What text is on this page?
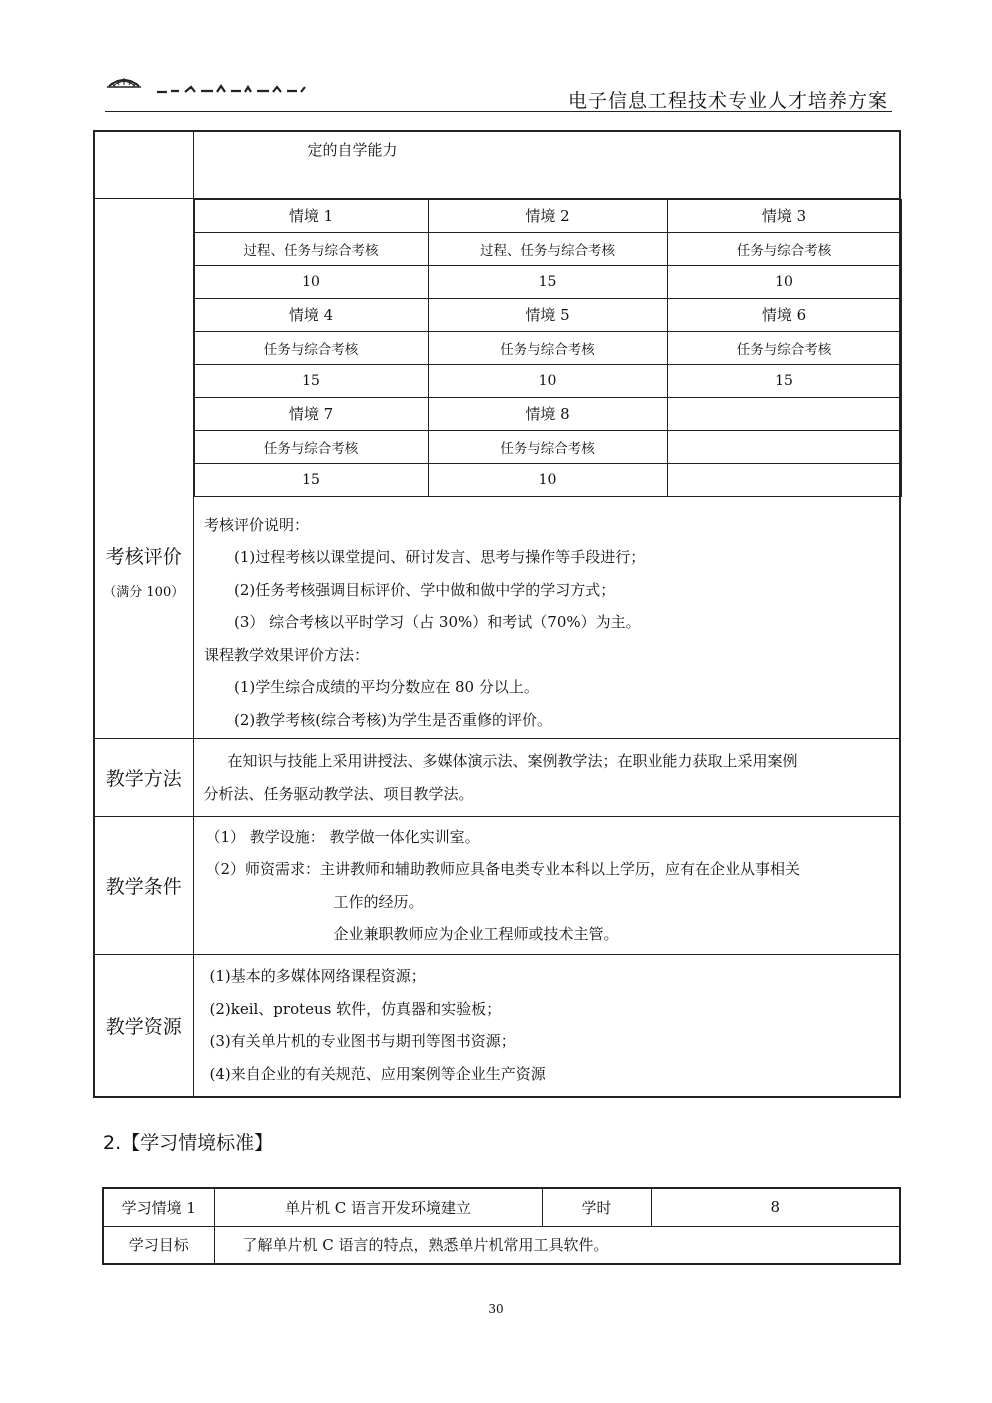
电子信息工程技术专业人才培养方案

定的自学能力

考核评价
（满分 100）

情境 1	情境 2	情境 3
过程、任务与综合考核	过程、任务与综合考核	任务与综合考核
10	15	10
情境 4	情境 5	情境 6
任务与综合考核	任务与综合考核	任务与综合考核
15	10	15
情境 7	情境 8	
任务与综合考核	任务与综合考核	
15	10	

考核评价说明：
(1)过程考核以课堂提问、研讨发言、思考与操作等手段进行；
(2)任务考核强调目标评价、学中做和做中学的学习方式；
(3） 综合考核以平时学习（占 30%）和考试（70%）为主。
课程教学效果评价方法：
(1)学生综合成绩的平均分数应在 80 分以上。
(2)教学考核(综合考核)为学生是否重修的评价。

教学方法	
在知识与技能上采用讲授法、多媒体演示法、案例教学法；在职业能力获取上采用案例
分析法、任务驱动教学法、项目教学法。

教学条件	
（1） 教学设施： 教学做一体化实训室。
（2）师资需求：主讲教师和辅助教师应具备电类专业本科以上学历，应有在企业从事相关
工作的经历。
企业兼职教师应为企业工程师或技术主管。

教学资源	
(1)基本的多媒体网络课程资源；
(2)keil、proteus 软件，仿真器和实验板；
(3)有关单片机的专业图书与期刊等图书资源；
(4)来自企业的有关规范、应用案例等企业生产资源
2.【学习情境标准】
学习情境 1	单片机 C 语言开发环境建立	学时	8
学习目标	了解单片机 C 语言的特点，熟悉单片机常用工具软件。		
30
